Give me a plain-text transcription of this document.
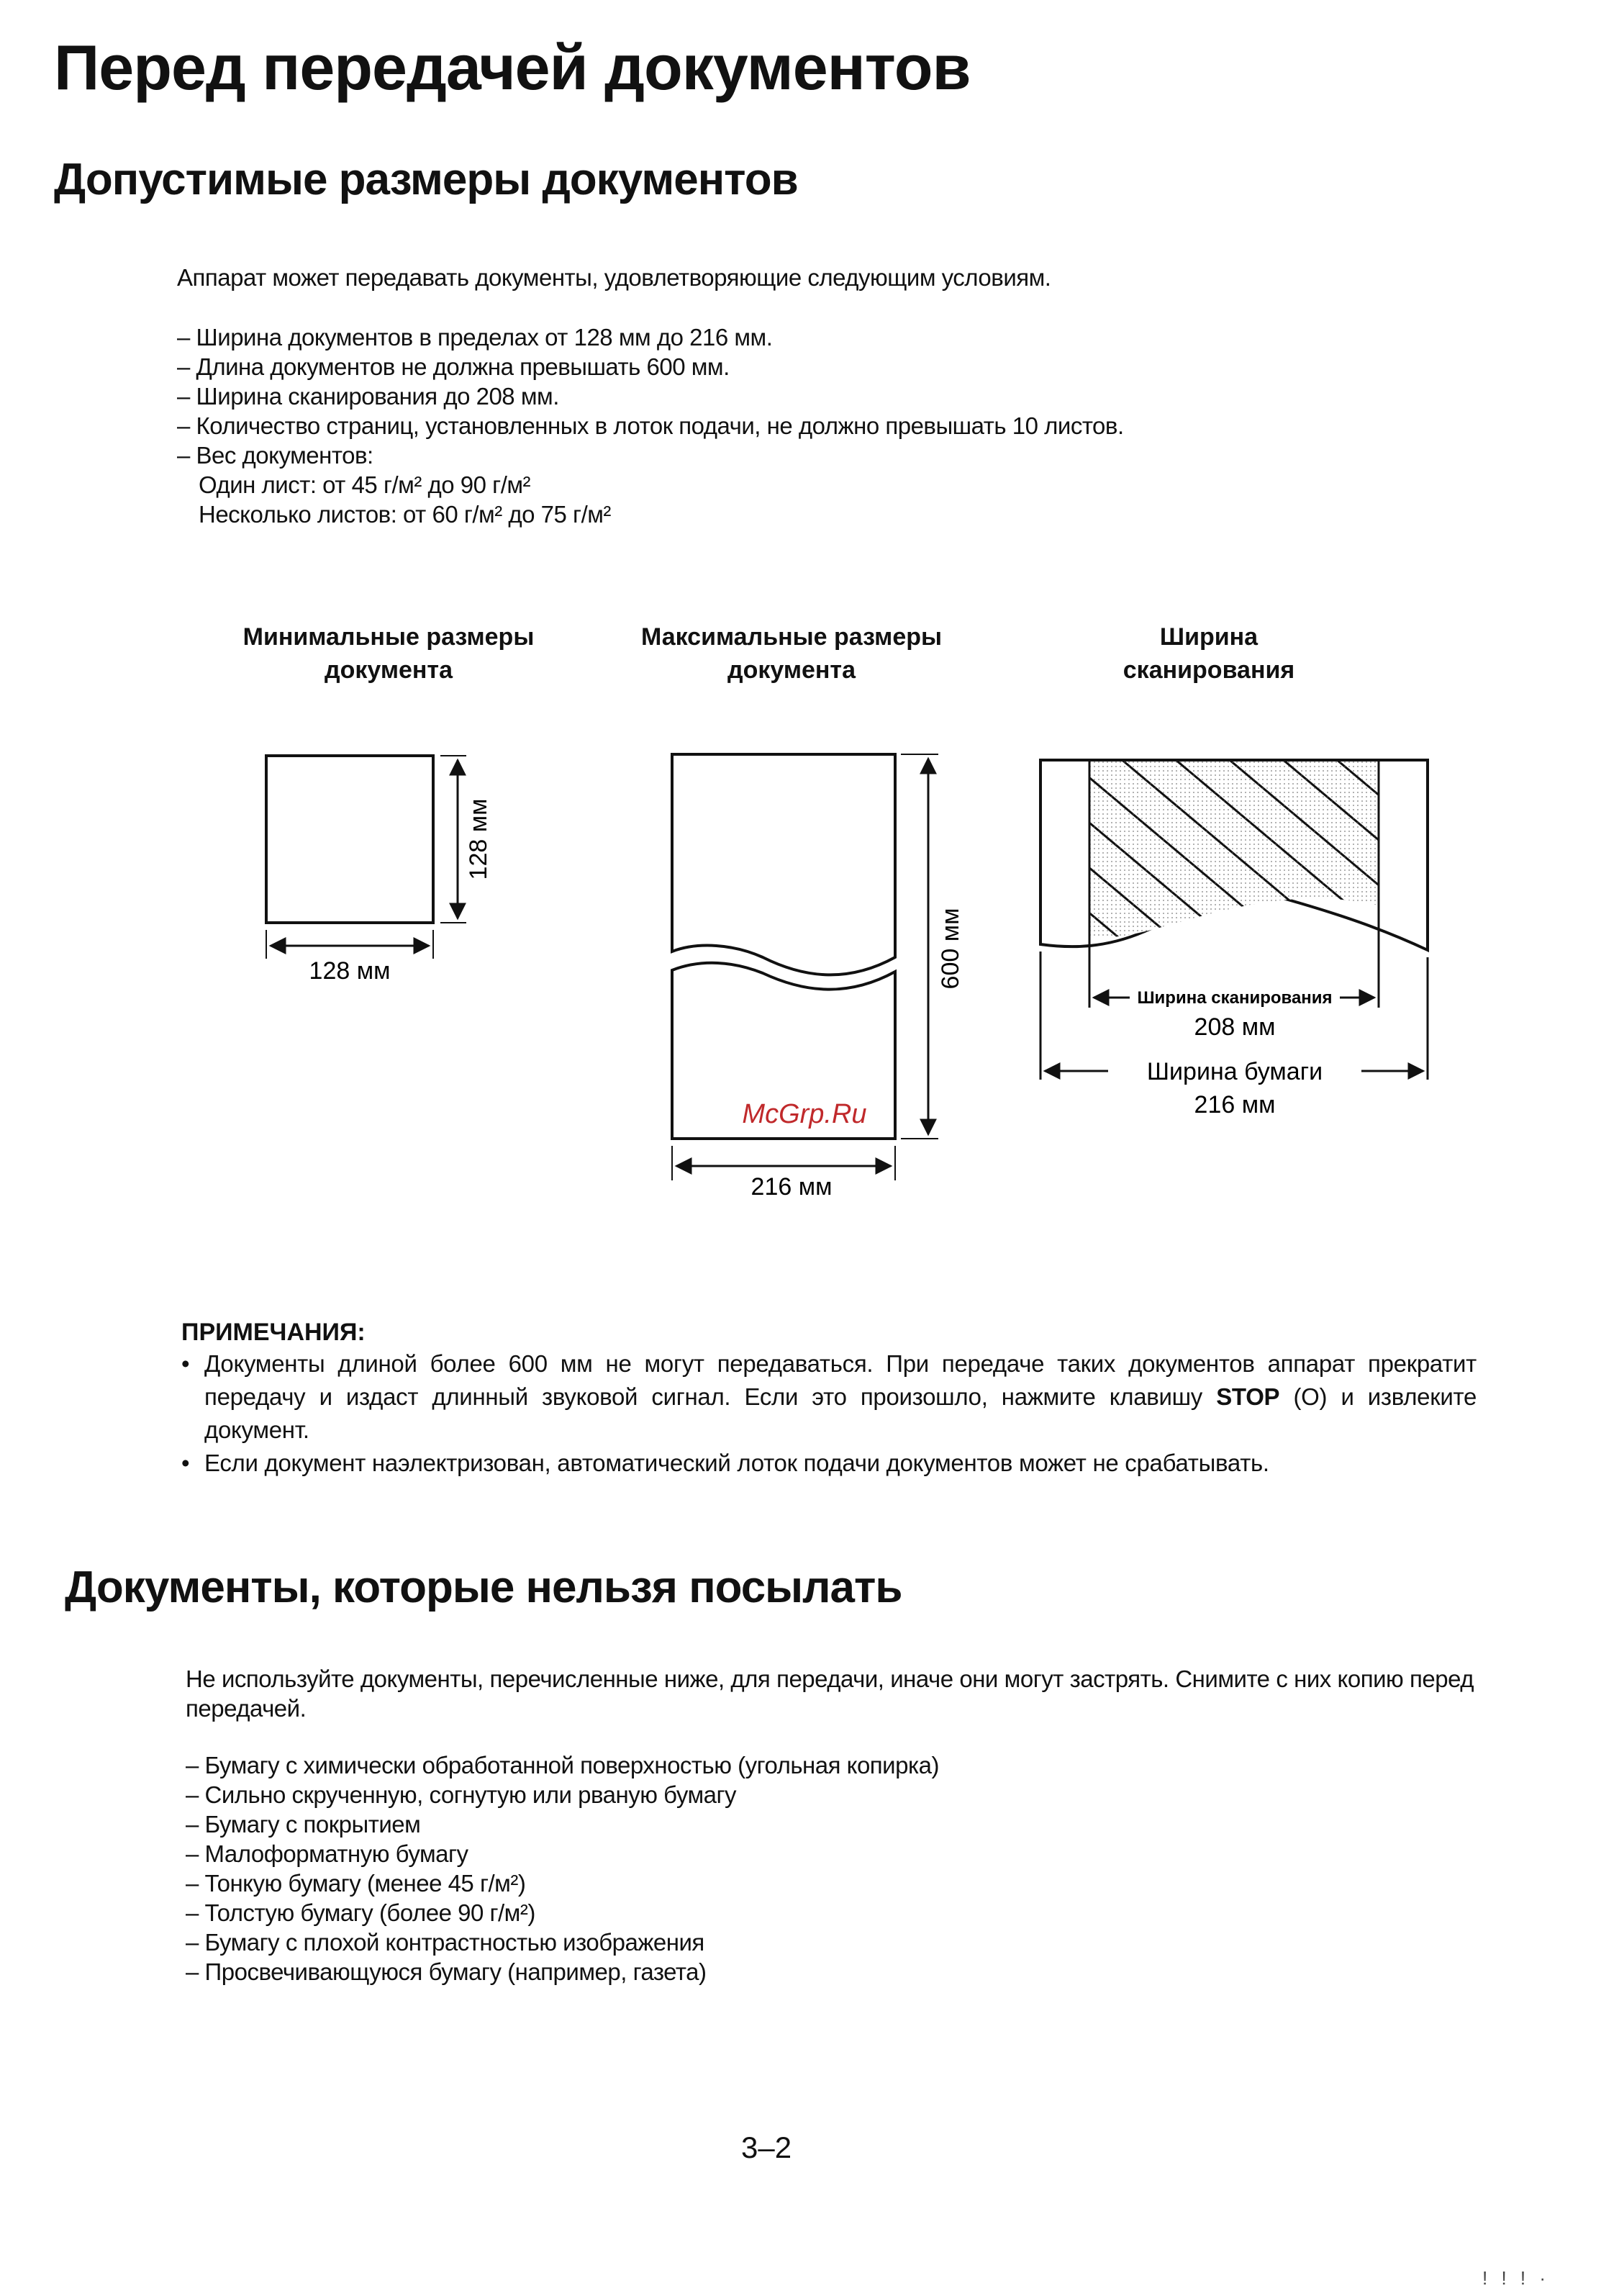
Перед передачей документов
Допустимые размеры документов
Аппарат может передавать документы, удовлетворяющие следующим условиям.
– Ширина документов в пределах от 128 мм до 216 мм.
– Длина документов не должна превышать 600 мм.
– Ширина сканирования до 208 мм.
– Количество страниц, установленных в лоток подачи, не должно превышать 10 листов.
– Вес документов:
Один лист: от 45 г/м² до 90 г/м²
Несколько листов: от 60 г/м² до 75 г/м²
Минимальные размеры
документа
Максимальные размеры
документа
Ширина
сканирования
128 мм
128 мм	600 мм
216 мм
McGrp.Ru
Ширина сканирования
208 мм
Ширина бумаги
216 мм
ПРИМЕЧАНИЯ:
• Документы длиной более 600 мм не могут передаваться. При передаче таких документов аппарат прекратит передачу и издаст длинный звуковой сигнал. Если это произошло, нажмите клавишу STOP (O) и извлеките документ.
• Если документ наэлектризован, автоматический лоток подачи документов может не срабатывать.
Документы, которые нельзя посылать
Не используйте документы, перечисленные ниже, для передачи, иначе они могут застрять. Снимите с них копию перед передачей.
– Бумагу с химически обработанной поверхностью (угольная копирка)
– Сильно скрученную, согнутую или рваную бумагу
– Бумагу с покрытием
– Малоформатную бумагу
– Тонкую бумагу (менее 45 г/м²)
– Толстую бумагу (более 90 г/м²)
– Бумагу с плохой контрастностью изображения
– Просвечивающуюся бумагу (например, газета)
3–2
! ! ! ·
